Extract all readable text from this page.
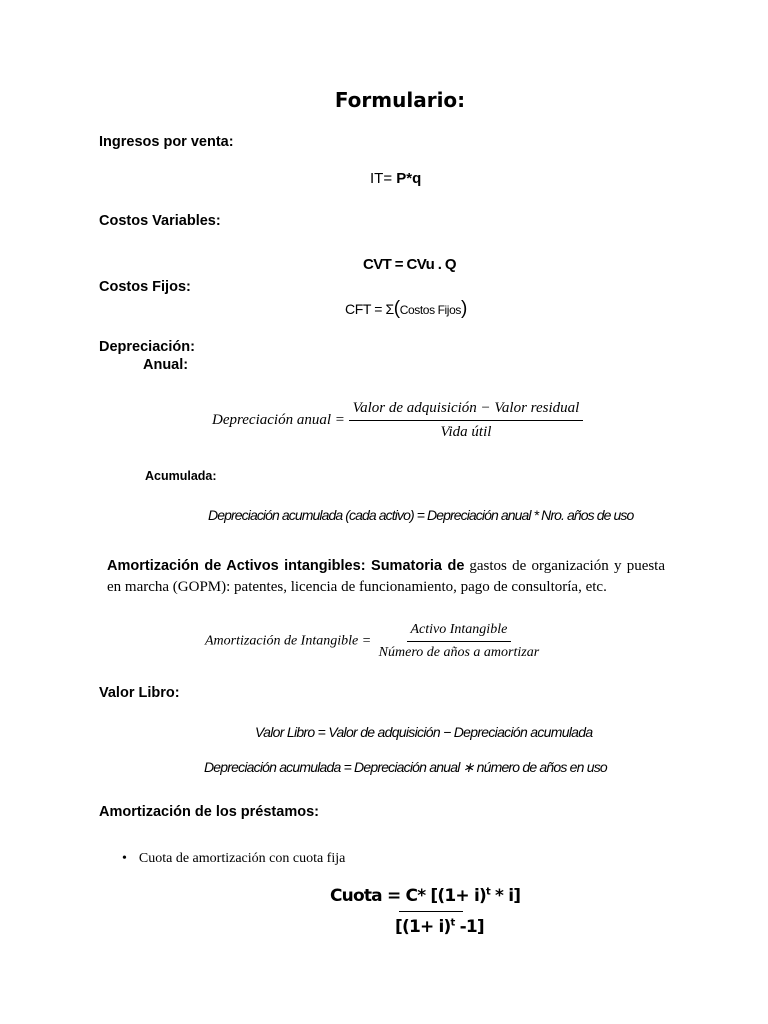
Formulario:
Ingresos por venta:
IT= P*q
Costos Variables:
CVT = CVu . Q
Costos Fijos:
CFT = Σ(Costos Fijos)
Depreciación:
Anual:
Depreciación anual = $\frac{\text{Valor de adquisición − Valor residual}}{\text{Vida útil}}$
Acumulada:
Depreciación acumulada (cada activo) = Depreciación anual * Nro. años de uso
Amortización de Activos intangibles: Sumatoria de gastos de organización y puesta en marcha (GOPM): patentes, licencia de funcionamiento, pago de consultoría, etc.
Amortización de Intangible = $\frac{\text{Activo Intangible}}{\text{Número de años a amortizar}}$
Valor Libro:
Valor Libro = Valor de adquisición − Depreciación acumulada
Depreciación acumulada = Depreciación anual ∗ número de años en uso
Amortización de los préstamos:
• Cuota de amortización con cuota fija
Cuota = C* $[(1+ i)^t * i]$
[$(1+ i)^t$ -1]
